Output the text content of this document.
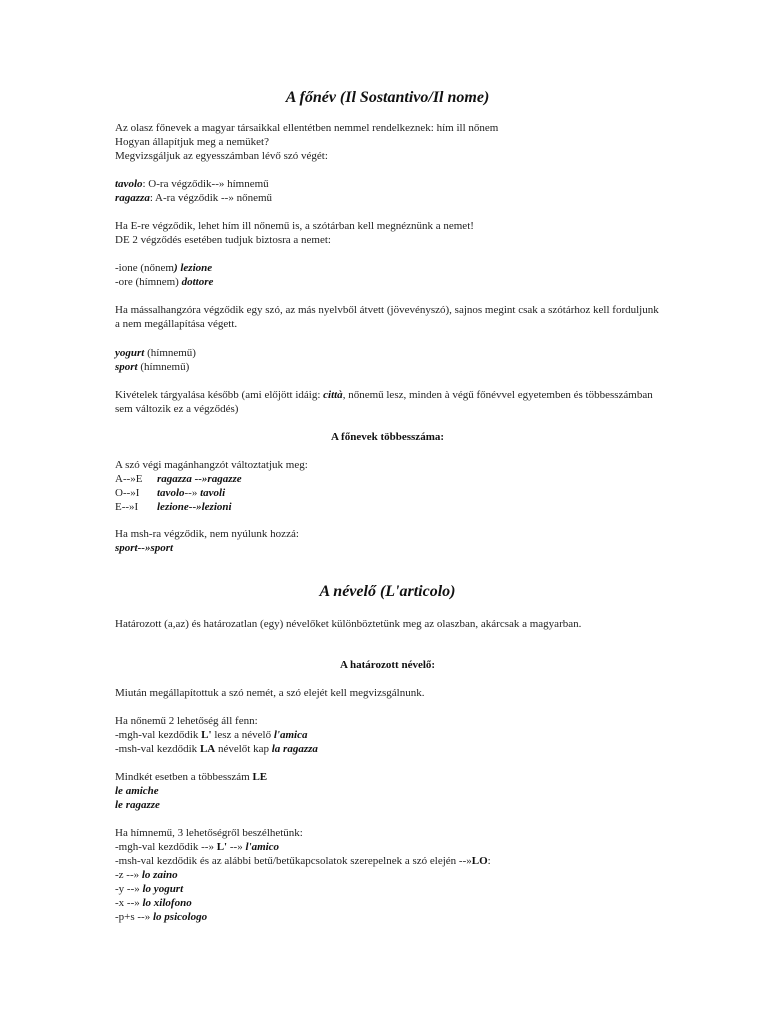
A főnév (Il Sostantivo/Il nome)
Az olasz főnevek a magyar társaikkal ellentétben nemmel rendelkeznek: hím ill nőnem
Hogyan állapítjuk meg a nemüket?
Megvizsgáljuk az egyesszámban lévő szó végét:
tavolo: O-ra végződik--» hímnemű
ragazza: A-ra végződik --» nőnemű
Ha E-re végződik, lehet hím ill nőnemű is, a szótárban kell megnéznünk a nemet!
DE 2 végződés esetében tudjuk biztosra a nemet:
-ione (nőnem) lezione
-ore (hímnem) dottore
Ha mássalhangzóra végződik egy szó, az más nyelvből átvett (jövevényszó), sajnos megint csak a szótárhoz kell forduljunk a nem megállapítása végett.
yogurt (hímnemű)
sport (hímnemű)
Kivételek tárgyalása később (ami előjött idáig: città, nőnemű lesz, minden à végű főnévvel egyetemben és többesszámban sem változik ez a végződés)
A főnevek többesszáma:
A szó végi magánhangzót változtatjuk meg:
A--»E ragazza --»ragazze
O--»I tavolo--» tavoli
E--»I lezione--»lezioni
Ha msh-ra végződik, nem nyúlunk hozzá:
sport--»sport
A névelő (L'articolo)
Határozott (a,az) és határozatlan (egy) névelőket különböztetünk meg az olaszban, akárcsak a magyarban.
A határozott névelő:
Miután megállapítottuk a szó nemét, a szó elejét kell megvizsgálnunk.
Ha nőnemű 2 lehetőség áll fenn:
-mgh-val kezdődik L' lesz a névelő l'amica
-msh-val kezdődik LA névelőt kap la ragazza
Mindkét esetben a többesszám LE
le amiche
le ragazze
Ha hímnemű, 3 lehetőségről beszélhetünk:
-mgh-val kezdődik --» L' --» l'amico
-msh-val kezdődik és az alábbi betű/betűkapcsolatok szerepelnek a szó elején --»LO:
-z --» lo zaino
-y --» lo yogurt
-x --» lo xilofono
-p+s --» lo psicologo
